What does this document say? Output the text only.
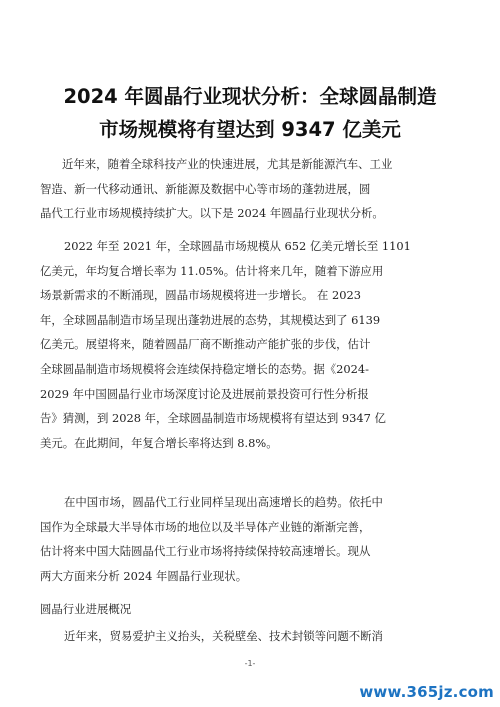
2024 年圆晶行业现状分析：全球圆晶制造
市场规模将有望达到 9347 亿美元
近年来，随着全球科技产业的快速进展，尤其是新能源汽车、工业
智造、新一代移动通讯、新能源及数据中心等市场的蓬勃进展，圆
晶代工行业市场规模持续扩大。以下是 2024 年圆晶行业现状分析。
2022 年至 2021 年，全球圆晶市场规模从 652 亿美元增长至 1101
亿美元，年均复合增长率为 11.05%。估计将来几年，随着下游应用
场景新需求的不断涌现，圆晶市场规模将进一步增长。 在 2023
年，全球圆晶制造市场呈现出蓬勃进展的态势，其规模达到了 6139
亿美元。展望将来，随着圆晶厂商不断推动产能扩张的步伐，估计
全球圆晶制造市场规模将会连续保持稳定增长的态势。据《2024-
2029 年中国圆晶行业市场深度讨论及进展前景投资可行性分析报
告》猜测，到 2028 年，全球圆晶制造市场规模将有望达到 9347 亿
美元。在此期间，年复合增长率将达到 8.8%。
在中国市场，圆晶代工行业同样呈现出高速增长的趋势。依托中
国作为全球最大半导体市场的地位以及半导体产业链的渐渐完善，
估计将来中国大陆圆晶代工行业市场将持续保持较高速增长。现从
两大方面来分析 2024 年圆晶行业现状。
圆晶行业进展概况
近年来，贸易爱护主义抬头，关税壁垒、技术封锁等问题不断消
-1-
www.365jz.com
